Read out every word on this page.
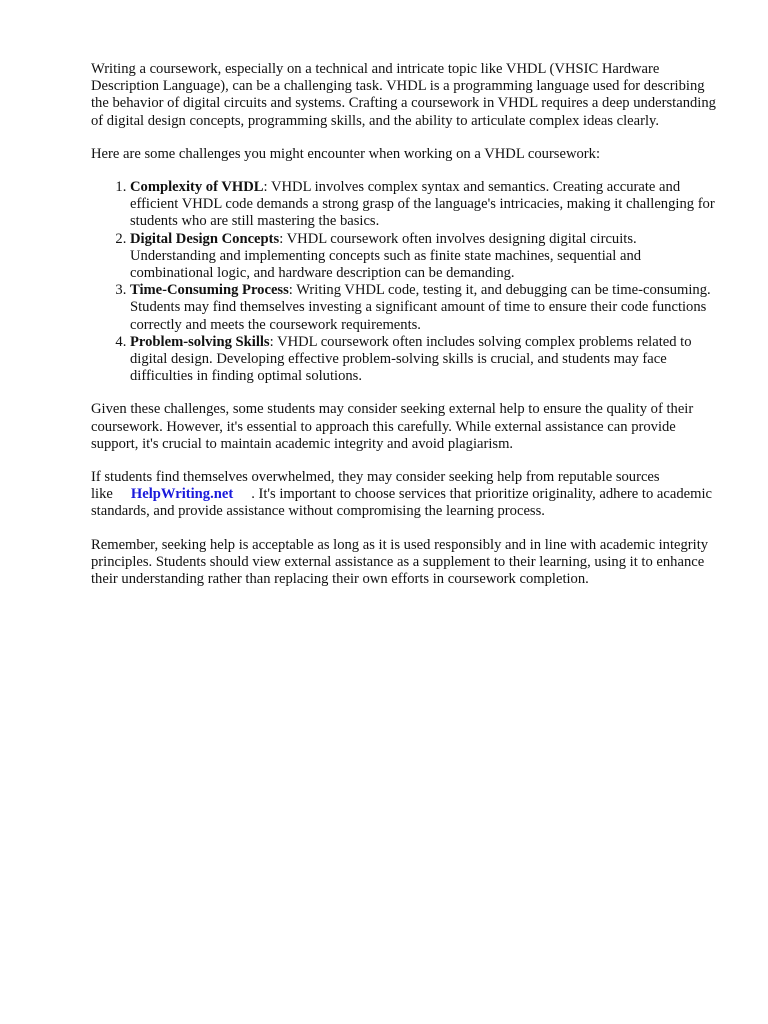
Writing a coursework, especially on a technical and intricate topic like VHDL (VHSIC Hardware Description Language), can be a challenging task. VHDL is a programming language used for describing the behavior of digital circuits and systems. Crafting a coursework in VHDL requires a deep understanding of digital design concepts, programming skills, and the ability to articulate complex ideas clearly.

Here are some challenges you might encounter when working on a VHDL coursework:

1. Complexity of VHDL: VHDL involves complex syntax and semantics. Creating accurate and efficient VHDL code demands a strong grasp of the language's intricacies, making it challenging for students who are still mastering the basics.
2. Digital Design Concepts: VHDL coursework often involves designing digital circuits. Understanding and implementing concepts such as finite state machines, sequential and combinational logic, and hardware description can be demanding.
3. Time-Consuming Process: Writing VHDL code, testing it, and debugging can be time-consuming. Students may find themselves investing a significant amount of time to ensure their code functions correctly and meets the coursework requirements.
4. Problem-solving Skills: VHDL coursework often includes solving complex problems related to digital design. Developing effective problem-solving skills is crucial, and students may face difficulties in finding optimal solutions.

Given these challenges, some students may consider seeking external help to ensure the quality of their coursework. However, it's essential to approach this carefully. While external assistance can provide support, it's crucial to maintain academic integrity and avoid plagiarism.

If students find themselves overwhelmed, they may consider seeking help from reputable sources like HelpWriting.net . It's important to choose services that prioritize originality, adhere to academic standards, and provide assistance without compromising the learning process.

Remember, seeking help is acceptable as long as it is used responsibly and in line with academic integrity principles. Students should view external assistance as a supplement to their learning, using it to enhance their understanding rather than replacing their own efforts in coursework completion.
